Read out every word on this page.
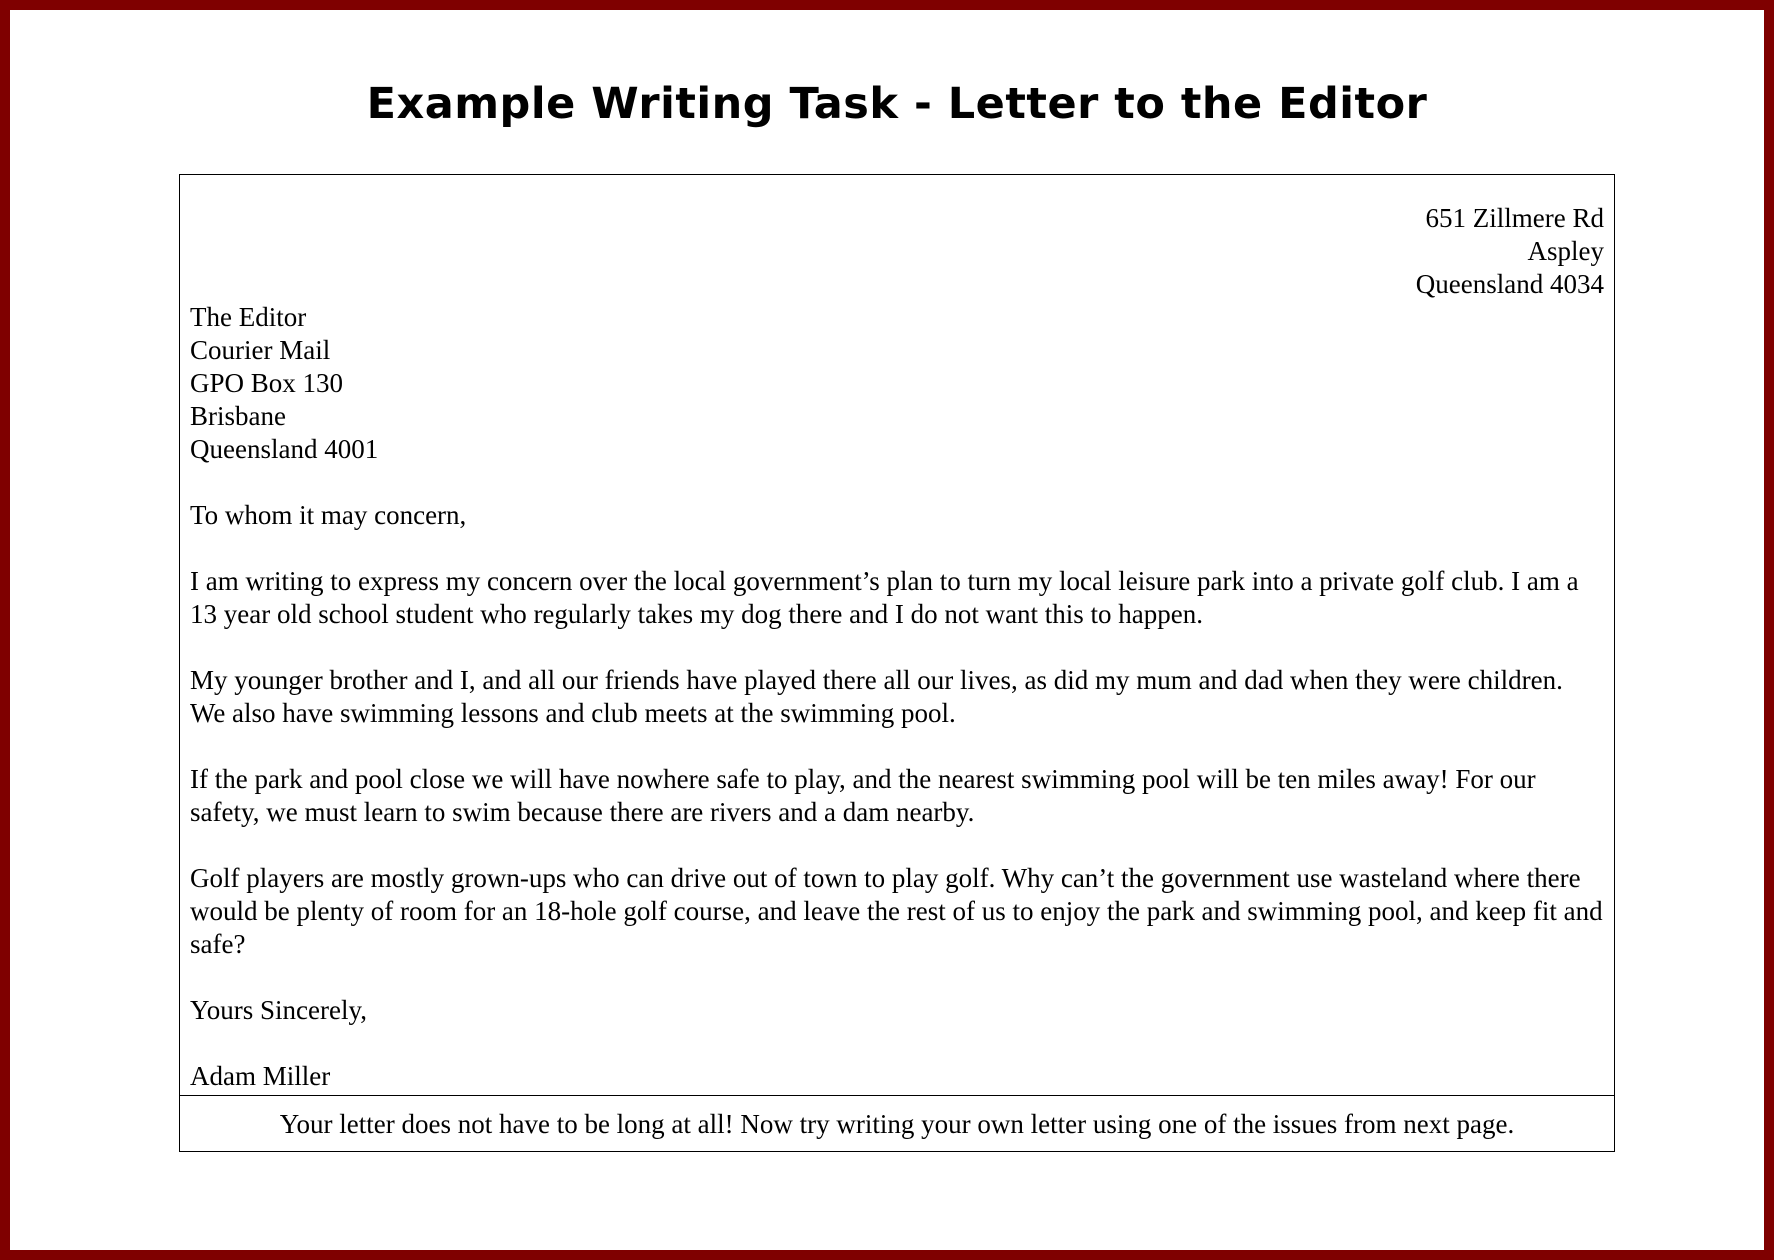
Example Writing Task - Letter to the Editor
651 Zillmere Rd
Aspley
Queensland 4034
The Editor
Courier Mail
GPO Box 130
Brisbane
Queensland 4001
To whom it may concern,
I am writing to express my concern over the local government’s plan to turn my local leisure park into a private golf club. I am a 13 year old school student who regularly takes my dog there and I do not want this to happen.
My younger brother and I, and all our friends have played there all our lives, as did my mum and dad when they were children. We also have swimming lessons and club meets at the swimming pool.
If the park and pool close we will have nowhere safe to play, and the nearest swimming pool will be ten miles away! For our safety, we must learn to swim because there are rivers and a dam nearby.
Golf players are mostly grown-ups who can drive out of town to play golf. Why can’t the government use wasteland where there would be plenty of room for an 18-hole golf course, and leave the rest of us to enjoy the park and swimming pool, and keep fit and safe?
Yours Sincerely,
Adam Miller
Your letter does not have to be long at all! Now try writing your own letter using one of the issues from next page.
